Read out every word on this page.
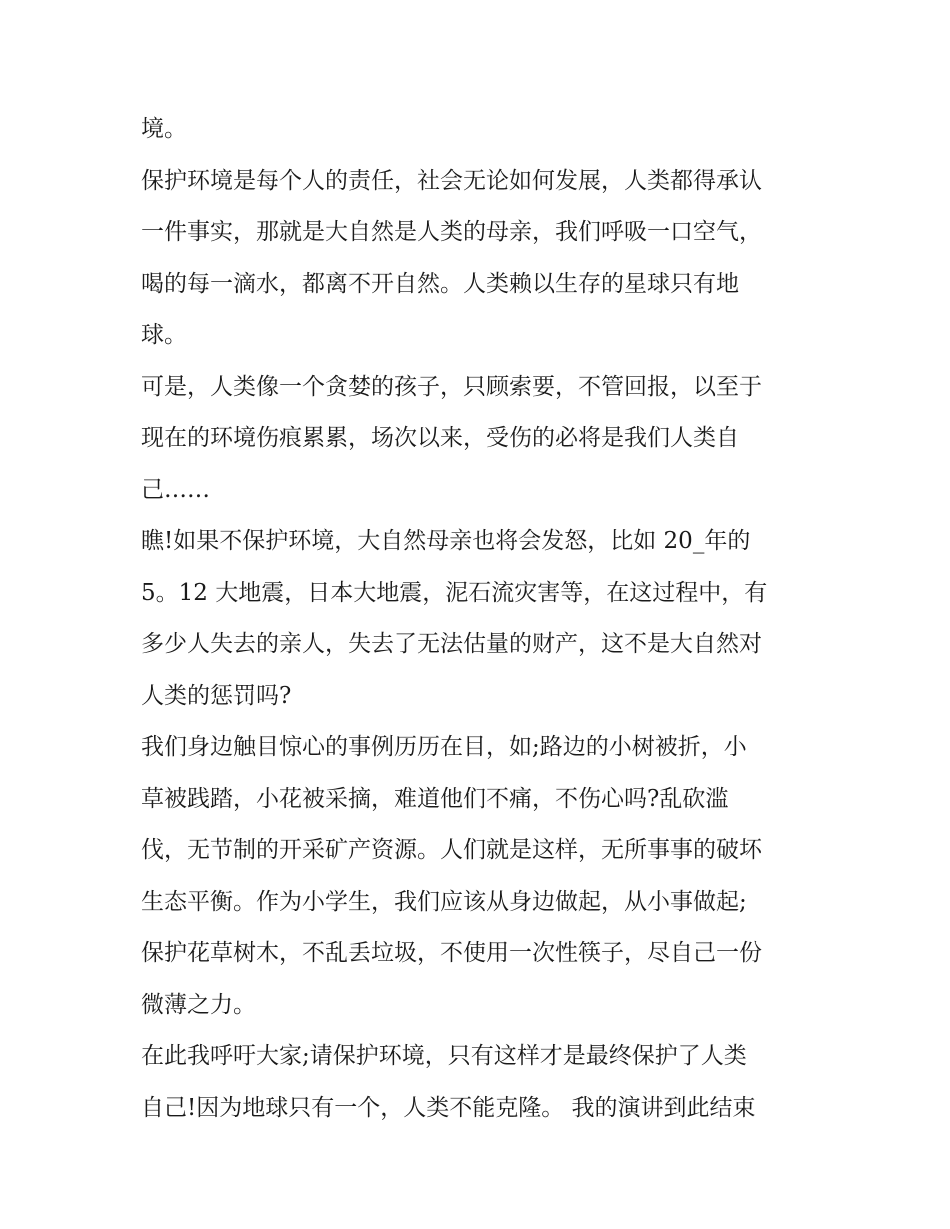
境。
保护环境是每个人的责任，社会无论如何发展，人类都得承认
一件事实，那就是大自然是人类的母亲，我们呼吸一口空气，
喝的每一滴水，都离不开自然。人类赖以生存的星球只有地
球。
可是，人类像一个贪婪的孩子，只顾索要，不管回报，以至于
现在的环境伤痕累累，场次以来，受伤的必将是我们人类自
己……
瞧!如果不保护环境，大自然母亲也将会发怒，比如 20_年的
5。12 大地震，日本大地震，泥石流灾害等，在这过程中，有
多少人失去的亲人，失去了无法估量的财产，这不是大自然对
人类的惩罚吗?
我们身边触目惊心的事例历历在目，如;路边的小树被折，小
草被践踏，小花被采摘，难道他们不痛，不伤心吗?乱砍滥
伐，无节制的开采矿产资源。人们就是这样，无所事事的破坏
生态平衡。作为小学生，我们应该从身边做起，从小事做起;
保护花草树木，不乱丢垃圾，不使用一次性筷子，尽自己一份
微薄之力。
在此我呼吁大家;请保护环境，只有这样才是最终保护了人类
自己!因为地球只有一个，人类不能克隆。 我的演讲到此结束
